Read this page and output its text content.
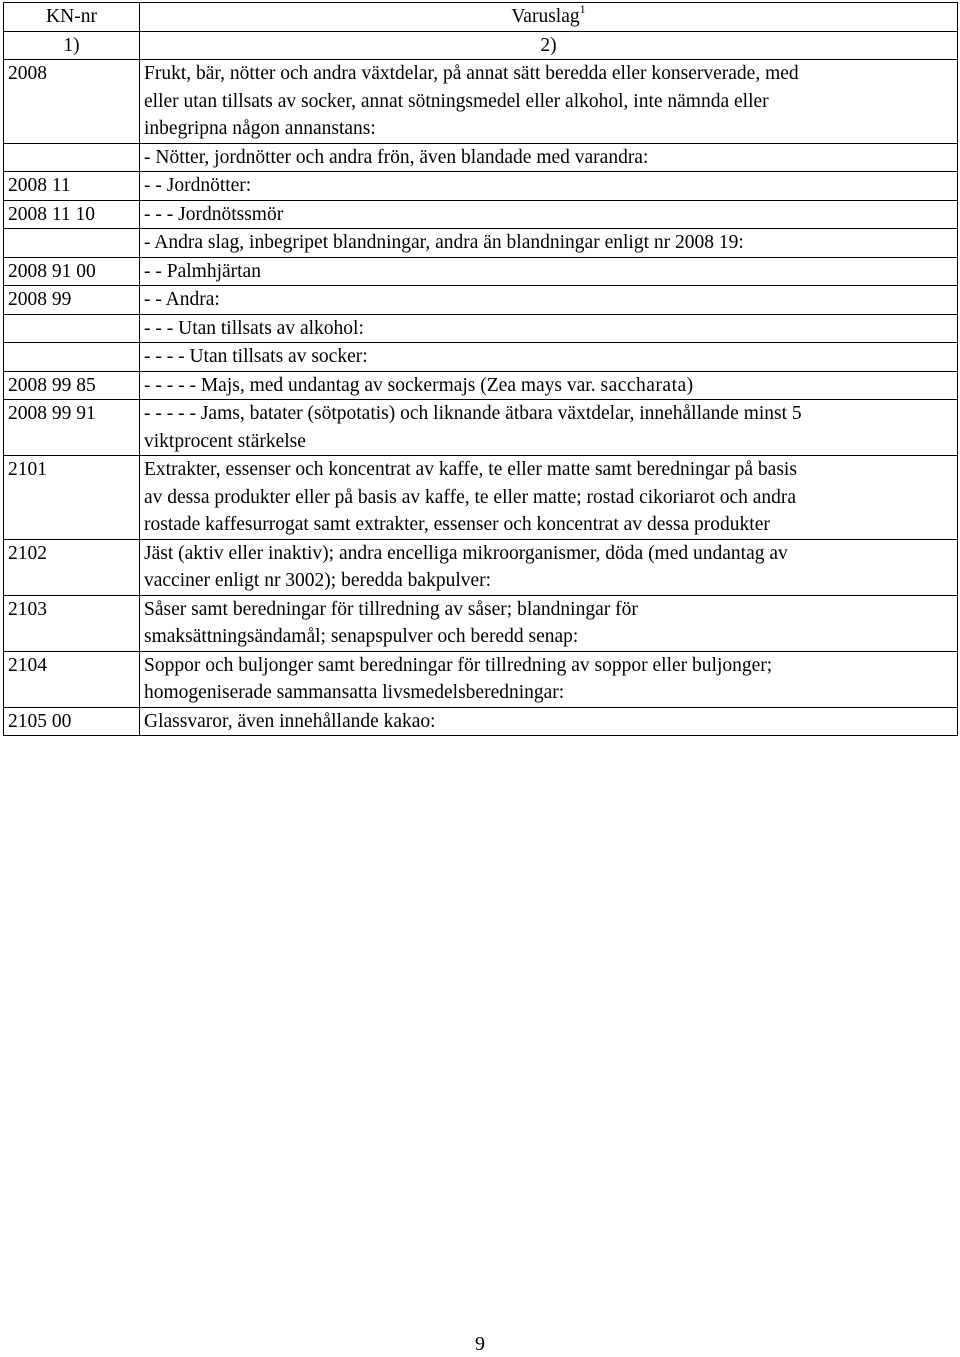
KN-nr	Varuslag$^1$
1)	2)
2008	Frukt, bär, nötter och andra växtdelar, på annat sätt beredda eller konserverade, med
eller utan tillsats av socker, annat sötningsmedel eller alkohol, inte nämnda eller
inbegripna någon annanstans:

	- Nötter, jordnötter och andra frön, även blandade med varandra:

2008 11	- - Jordnötter:

2008 11 10	- - - Jordnötssmör

	- Andra slag, inbegripet blandningar, andra än blandningar enligt nr 2008 19:

2008 91 00	- - Palmhjärtan

2008 99	- - Andra:

	- - - Utan tillsats av alkohol:

	- - - - Utan tillsats av socker:

2008 99 85	- - - - - Majs, med undantag av sockermajs (Zea mays var. saccharata)

2008 99 91	- - - - - Jams, batater (sötpotatis) och liknande ätbara växtdelar, innehållande minst 5
viktprocent stärkelse

2101	Extrakter, essenser och koncentrat av kaffe, te eller matte samt beredningar på basis
av dessa produkter eller på basis av kaffe, te eller matte; rostad cikoriarot och andra
rostade kaffesurrogat samt extrakter, essenser och koncentrat av dessa produkter

2102	Jäst (aktiv eller inaktiv); andra encelliga mikroorganismer, döda (med undantag av
vacciner enligt nr 3002); beredda bakpulver:

2103	Såser samt beredningar för tillredning av såser; blandningar för
smaksättningsändamål; senapspulver och beredd senap:

2104	Soppor och buljonger samt beredningar för tillredning av soppor eller buljonger;
homogeniserade sammansatta livsmedelsberedningar:

2105 00	Glassvaror, även innehållande kakao:
9
